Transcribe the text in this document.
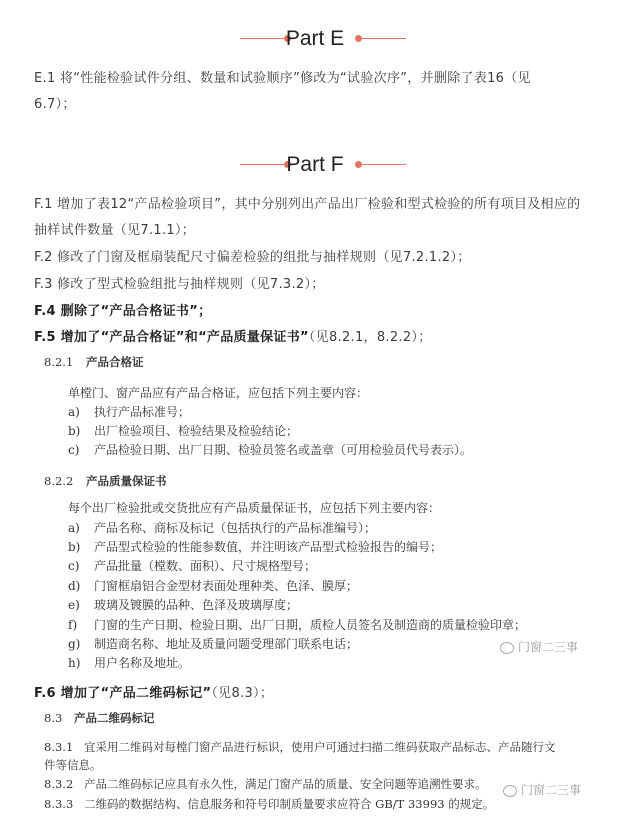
Part E
E.1 将“性能检验试件分组、数量和试验顺序”修改为“试验次序”，并删除了表16（见
6.7）；
Part F
F.1 增加了表12“产品检验项目”，其中分别列出产品出厂检验和型式检验的所有项目及相应的
抽样试件数量（见7.1.1）；
F.2 修改了门窗及框扇装配尺寸偏差检验的组批与抽样规则（见7.2.1.2）；
F.3 修改了型式检验组批与抽样规则（见7.3.2）；
F.4 删除了“产品合格证书”；
F.5 增加了“产品合格证”和“产品质量保证书”（见8.2.1，8.2.2）；
8.2.1 产品合格证
单樘门、窗产品应有产品合格证，应包括下列主要内容：
a) 执行产品标准号；
b) 出厂检验项目、检验结果及检验结论；
c) 产品检验日期、出厂日期、检验员签名或盖章（可用检验员代号表示）。
8.2.2 产品质量保证书
每个出厂检验批或交货批应有产品质量保证书，应包括下列主要内容：
a) 产品名称、商标及标记（包括执行的产品标准编号）；
b) 产品型式检验的性能参数值，并注明该产品型式检验报告的编号；
c) 产品批量（樘数、面积）、尺寸规格型号；
d) 门窗框扇铝合金型材表面处理种类、色泽、膜厚；
e) 玻璃及镀膜的品种、色泽及玻璃厚度；
f) 门窗的生产日期、检验日期、出厂日期，质检人员签名及制造商的质量检验印章；
g) 制造商名称、地址及质量问题受理部门联系电话；
h) 用户名称及地址。
门窗二三事
F.6 增加了“产品二维码标记”（见8.3）；
8.3 产品二维码标记
8.3.1 宜采用二维码对每樘门窗产品进行标识，使用户可通过扫描二维码获取产品标志、产品随行文
件等信息。
8.3.2 产品二维码标记应具有永久性，满足门窗产品的质量、安全问题等追溯性要求。
8.3.3 二维码的数据结构、信息服务和符号印制质量要求应符合 GB/T 33993 的规定。
门窗二三事
